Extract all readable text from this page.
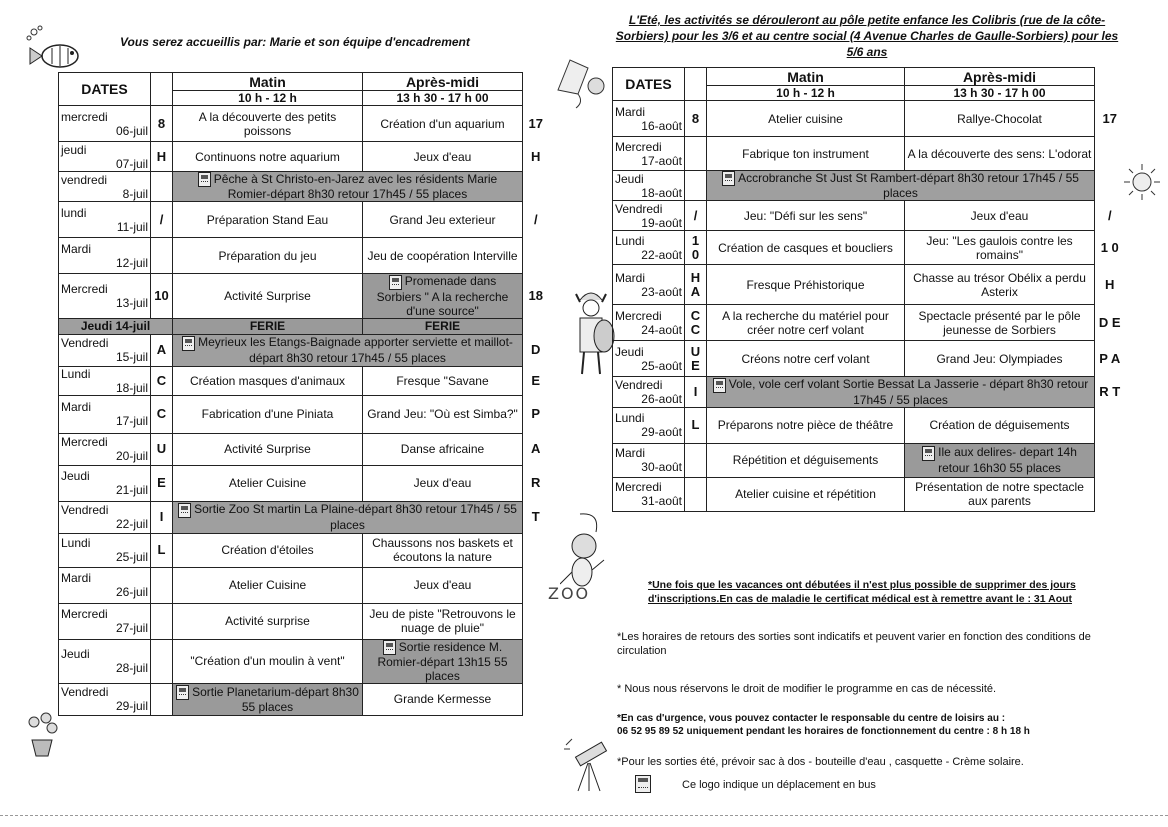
Vous serez accueillis par: Marie et son équipe d'encadrement
DATES		Matin	Après-midi	
		10 h - 12 h	13 h 30 - 17 h 00	

mercredi
06-juil	8	A la découverte des petits poissons	Création d'un aquarium	17

jeudi
07-juil	H	Continuons notre aquarium	Jeux d'eau	H

vendredi
8-juil		Pêche à St Christo-en-Jarez avec les résidents Marie Romier-départ 8h30 retour 17h45 / 55 places		

lundi
11-juil	/	Préparation Stand Eau	Grand Jeu exterieur	/

Mardi
12-juil		Préparation du jeu	Jeu de coopération Interville	

Mercredi
13-juil	10	Activité Surprise	Promenade dans Sorbiers " A la recherche d'une source"	18
Jeudi 14-juil		FERIE	FERIE	

Vendredi
15-juil	A	Meyrieux les Etangs-Baignade apporter serviette et maillot-départ 8h30 retour 17h45 / 55 places		D

Lundi
18-juil	C	Création masques d'animaux	Fresque "Savane	E

Mardi
17-juil	C	Fabrication d'une Piniata	Grand Jeu: "Où est Simba?"	P

Mercredi
20-juil	U	Activité Surprise	Danse africaine	A

Jeudi
21-juil	E	Atelier Cuisine	Jeux d'eau	R

Vendredi
22-juil	I	Sortie Zoo St martin La Plaine-départ 8h30 retour 17h45 / 55 places		T

Lundi
25-juil	L	Création d'étoiles	Chaussons nos baskets et écoutons la nature	

Mardi
26-juil		Atelier Cuisine	Jeux d'eau	

Mercredi
27-juil		Activité surprise	Jeu de piste "Retrouvons le nuage de pluie"	

Jeudi
28-juil		"Création d'un moulin à vent"	Sortie residence M. Romier-départ 13h15 55 places	

Vendredi
29-juil		Sortie Planetarium-départ 8h30 55 places	Grande Kermesse	
ZOO
L'Eté, les activités se dérouleront au pôle petite enfance les Colibris (rue de la côte-Sorbiers) pour les 3/6 et au centre social (4 Avenue Charles de Gaulle-Sorbiers) pour les 5/6 ans
DATES		Matin	Après-midi	
		10 h - 12 h	13 h 30 - 17 h 00	

Mardi
16-août	8	Atelier cuisine	Rallye-Chocolat	17

Mercredi
17-août		Fabrique ton instrument	A la découverte des sens: L'odorat	

Jeudi
18-août		Accrobranche St Just St Rambert-départ 8h30 retour 17h45 / 55 places		

Vendredi
19-août	/	Jeu: "Défi sur les sens"	Jeux d'eau	/

Lundi
22-août	1 0	Création de casques et boucliers	Jeu: "Les gaulois contre les romains"	1 0

Mardi
23-août	H A	Fresque Préhistorique	Chasse au trésor Obélix a perdu Asterix	H

Mercredi
24-août	C C	A la recherche du matériel pour créer notre cerf volant	Spectacle présenté par le pôle jeunesse de Sorbiers	D E

Jeudi
25-août	U E	Créons notre cerf volant	Grand Jeu: Olympiades	P A

Vendredi
26-août	I	Vole, vole cerf volant Sortie Bessat La Jasserie - départ 8h30 retour 17h45 / 55 places		R T

Lundi
29-août	L	Préparons notre pièce de théâtre	Création de déguisements	

Mardi
30-août		Répétition et déguisements	Ile aux delires- depart 14h retour 16h30 55 places	

Mercredi
31-août		Atelier cuisine et répétition	Présentation de notre spectacle aux parents	
*Une fois que les vacances ont débutées il n'est plus possible de supprimer des jours d'inscriptions.En cas de maladie le certificat médical est à remettre avant le : 31 Aout
*Les horaires de retours des sorties sont indicatifs et peuvent varier en fonction des conditions de circulation
* Nous nous réservons le droit de modifier le programme en cas de nécessité.
*En cas d'urgence, vous pouvez contacter le responsable du centre de loisirs au :
06 52 95 89 52 uniquement pendant les horaires de fonctionnement du centre : 8 h 18 h
*Pour les sorties été, prévoir sac à dos - bouteille d'eau , casquette - Crème solaire.
Ce logo indique un déplacement en bus
